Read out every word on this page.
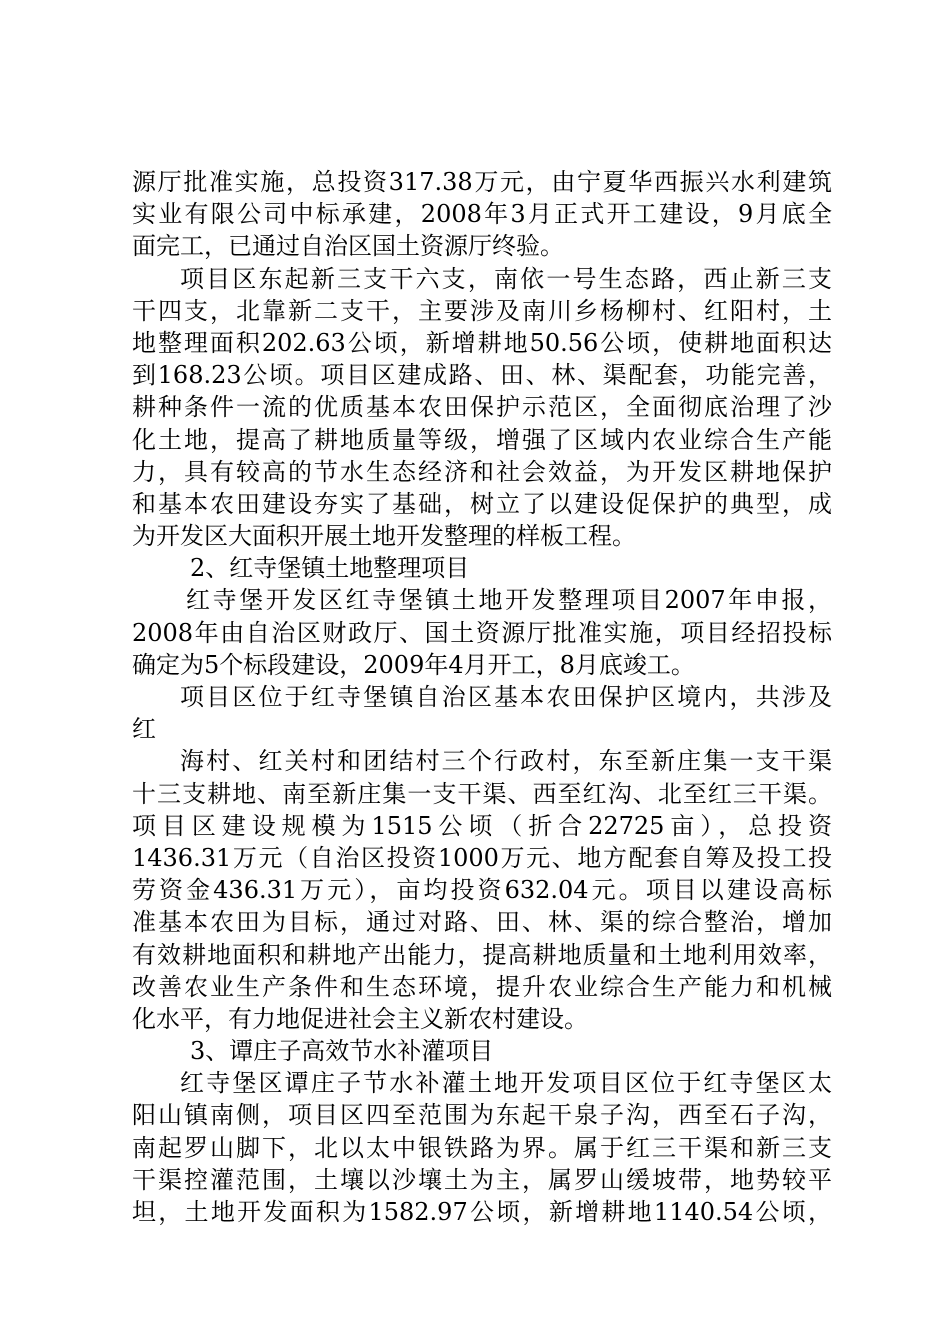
源厅批准实施，总投资317.38万元，由宁夏华西振兴水利建筑
实业有限公司中标承建，2008年3月正式开工建设，9月底全
面完工，已通过自治区国土资源厅终验。
项目区东起新三支干六支，南依一号生态路，西止新三支
干四支，北靠新二支干，主要涉及南川乡杨柳村、红阳村，土
地整理面积202.63公顷，新增耕地50.56公顷，使耕地面积达
到168.23公顷。项目区建成路、田、林、渠配套，功能完善，
耕种条件一流的优质基本农田保护示范区，全面彻底治理了沙
化土地，提高了耕地质量等级，增强了区域内农业综合生产能
力，具有较高的节水生态经济和社会效益，为开发区耕地保护
和基本农田建设夯实了基础，树立了以建设促保护的典型，成
为开发区大面积开展土地开发整理的样板工程。
2、红寺堡镇土地整理项目
红寺堡开发区红寺堡镇土地开发整理项目2007年申报，
2008年由自治区财政厅、国土资源厅批准实施，项目经招投标
确定为5个标段建设，2009年4月开工，8月底竣工。
项目区位于红寺堡镇自治区基本农田保护区境内，共涉及
红
海村、红关村和团结村三个行政村，东至新庄集一支干渠
十三支耕地、南至新庄集一支干渠、西至红沟、北至红三干渠。
项目区建设规模为1515公顷（折合22725亩），总投资
1436.31万元（自治区投资1000万元、地方配套自筹及投工投
劳资金436.31万元），亩均投资632.04元。项目以建设高标
准基本农田为目标，通过对路、田、林、渠的综合整治，增加
有效耕地面积和耕地产出能力，提高耕地质量和土地利用效率，
改善农业生产条件和生态环境，提升农业综合生产能力和机械
化水平，有力地促进社会主义新农村建设。
3、谭庄子高效节水补灌项目
红寺堡区谭庄子节水补灌土地开发项目区位于红寺堡区太
阳山镇南侧，项目区四至范围为东起干泉子沟，西至石子沟，
南起罗山脚下，北以太中银铁路为界。属于红三干渠和新三支
干渠控灌范围，土壤以沙壤土为主，属罗山缓坡带，地势较平
坦，土地开发面积为1582.97公顷，新增耕地1140.54公顷，
